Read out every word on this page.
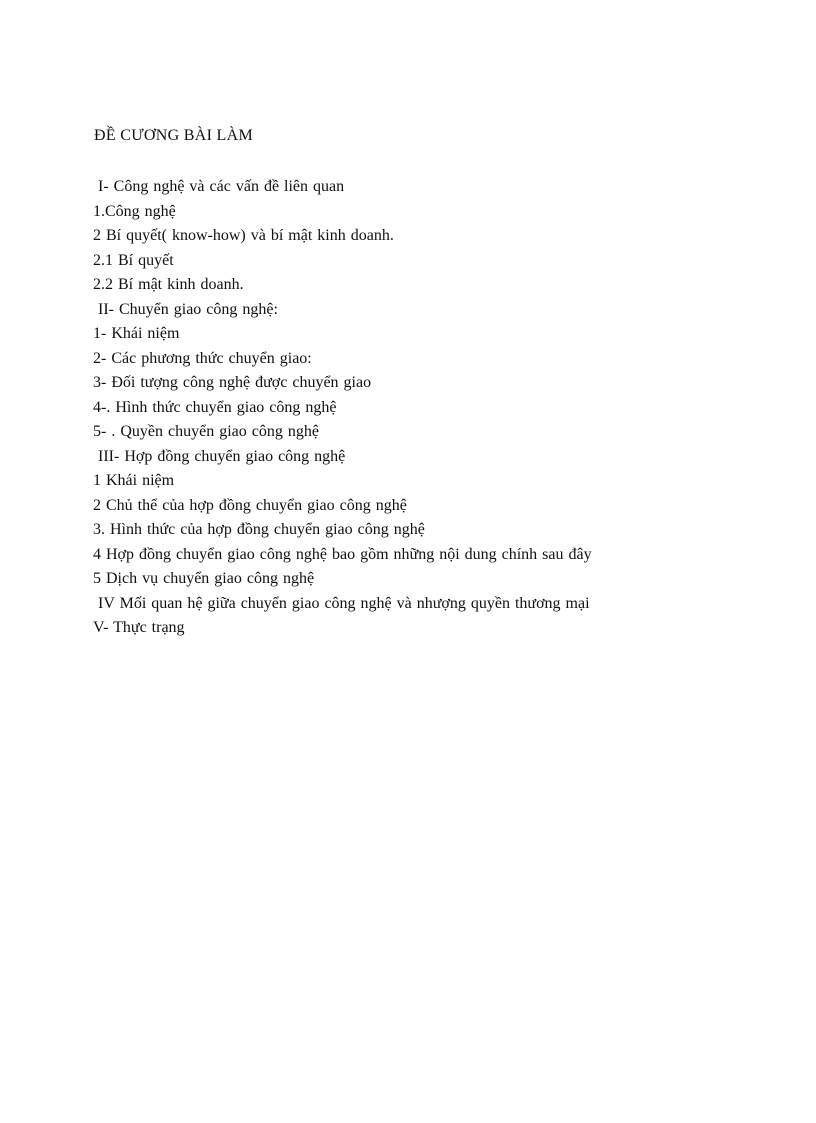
ĐỀ CƯƠNG BÀI LÀM
I- Công nghệ và các vấn đề liên quan
1.Công nghệ
2 Bí quyết( know-how) và bí mật kinh doanh.
2.1 Bí quyết
2.2 Bí mật kinh doanh.
II- Chuyển giao công nghệ:
1- Khái niệm
2- Các phương thức chuyển giao:
3- Đối tượng công nghệ được chuyển giao
4-. Hình thức chuyển giao công nghệ
5- . Quyền chuyển giao công nghệ
III- Hợp đồng chuyển giao công nghệ
1 Khái niệm
2 Chủ thể của hợp đồng chuyển giao công nghệ
3. Hình thức của hợp đồng chuyển giao công nghệ
4 Hợp đồng chuyển giao công nghệ bao gồm những nội dung chính sau đây
5 Dịch vụ chuyển giao công nghệ
IV Mối quan hệ giữa chuyển giao công nghệ và nhượng quyền thương mại
V- Thực trạng
